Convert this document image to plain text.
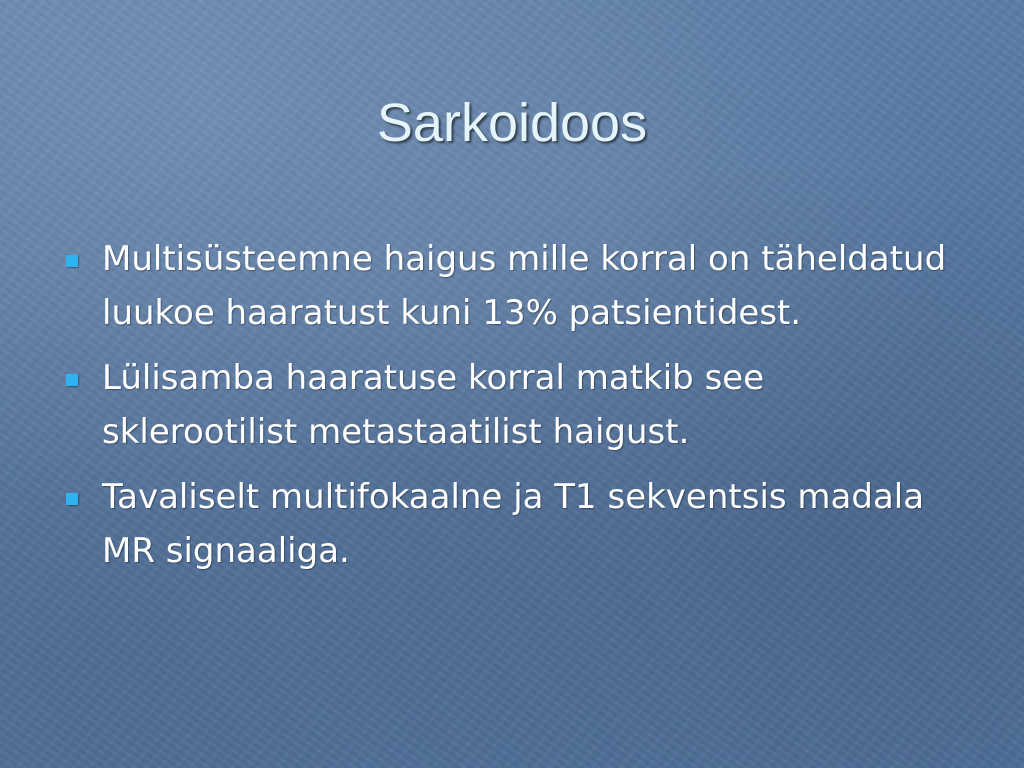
Sarkoidoos
Multisüsteemne haigus mille korral on täheldatud luukoe haaratust kuni 13% patsientidest.
Lülisamba haaratuse korral matkib see sklerootilist metastaatilist haigust.
Tavaliselt multifokaalne ja T1 sekventsis madala MR signaaliga.
